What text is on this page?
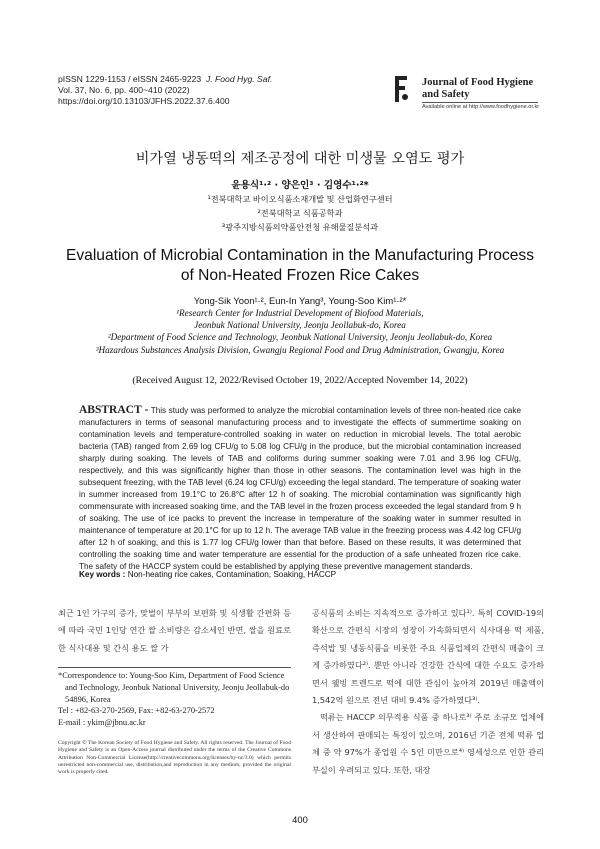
pISSN 1229-1153 / eISSN 2465-9223 J. Food Hyg. Saf.
Vol. 37, No. 6, pp. 400~410 (2022)
https://doi.org/10.13103/JFHS.2022.37.6.400
Journal of Food Hygiene
and Safety
Available online at http://www.foodhygiene.or.kr
비가열 냉동떡의 제조공정에 대한 미생물 오염도 평가
윤용식¹·² · 양은인³ · 김영수¹·²*
¹전북대학교 바이오식품소재개발 및 산업화연구센터
²전북대학교 식품공학과
³광주지방식품의약품안전청 유해물질분석과
Evaluation of Microbial Contamination in the Manufacturing Process
of Non-Heated Frozen Rice Cakes
Yong-Sik Yoon¹·², Eun-In Yang³, Young-Soo Kim¹·²*
¹Research Center for Industrial Development of Biofood Materials,
Jeonbuk National University, Jeonju Jeollabuk-do, Korea
²Department of Food Science and Technology, Jeonbuk National University, Jeonju Jeollabuk-do, Korea
³Hazardous Substances Analysis Division, Gwangju Regional Food and Drug Administration, Gwangju, Korea
(Received August 12, 2022/Revised October 19, 2022/Accepted November 14, 2022)
ABSTRACT - This study was performed to analyze the microbial contamination levels of three non-heated rice cake manufacturers in terms of seasonal manufacturing process and to investigate the effects of summertime soaking on contamination levels and temperature-controlled soaking in water on reduction in microbial levels. The total aerobic bacteria (TAB) ranged from 2.69 log CFU/g to 5.08 log CFU/g in the produce, but the microbial contamination increased sharply during soaking. The levels of TAB and coliforms during summer soaking were 7.01 and 3.96 log CFU/g, respectively, and this was significantly higher than those in other seasons. The contamination level was high in the subsequent freezing, with the TAB level (6.24 log CFU/g) exceeding the legal standard. The temperature of soaking water in summer increased from 19.1°C to 26.8°C after 12 h of soaking. The microbial contamination was significantly high commensurate with increased soaking time, and the TAB level in the frozen process exceeded the legal standard from 9 h of soaking. The use of ice packs to prevent the increase in temperature of the soaking water in summer resulted in maintenance of temperature at 20.1°C for up to 12 h. The average TAB value in the freezing process was 4.42 log CFU/g after 12 h of soaking, and this is 1.77 log CFU/g lower than that before. Based on these results, it was determined that controlling the soaking time and water temperature are essential for the production of a safe unheated frozen rice cake. The safety of the HACCP system could be established by applying these preventive management standards.
Key words : Non-heating rice cakes, Contamination, Soaking, HACCP
최근 1인 가구의 증가, 맞벌이 부부의 보편화 및 식생활 간편화 등에 따라 국민 1인당 연간 쌀 소비량은 감소세인 반면, 쌀을 원료로 한 식사대용 및 간식 용도 쌀 가
*Correspondence to: Young-Soo Kim, Department of Food Science and Technology, Jeonbuk National University, Jeonju Jeollabuk-do 54896, Korea
Tel : +82-63-270-2569, Fax: +82-63-270-2572
E-mail : ykim@jbnu.ac.kr
Copyright © The Korean Society of Food Hygiene and Safety. All rights reserved. The Journal of Food Hygiene and Safety is an Open-Access journal distributed under the terms of the Creative Commons Attribution Non-Commercial License(http://creativecommons.org/licenses/by-nc/3.0) which permits unrestricted non-commercial use, distribution,and reproduction in any medium, provided the original work is properly cited.
공식품의 소비는 지속적으로 증가하고 있다¹⁾. 특히 COVID-19의 확산으로 간편식 시장의 성장이 가속화되면서 식사대용 떡 제품, 즉석밥 및 냉동식품을 비롯한 주요 식품업체의 간편식 매출이 크게 증가하였다²⁾. 뿐만 아니라 건강한 간식에 대한 수요도 증가하면서 웰빙 트렌드로 떡에 대한 관심이 높아져 2019년 매출액이 1,542억 원으로 전년 대비 9.4% 증가하였다³⁾.
떡류는 HACCP 의무적용 식품 중 하나로³⁾ 주로 소규모 업체에서 생산하여 판매되는 특징이 있으며, 2016년 기준 전체 떡류 업체 중 약 97%가 종업원 수 5인 미만으로⁴⁾ 영세성으로 인한 관리 부실이 우려되고 있다. 또한, 대장
400
